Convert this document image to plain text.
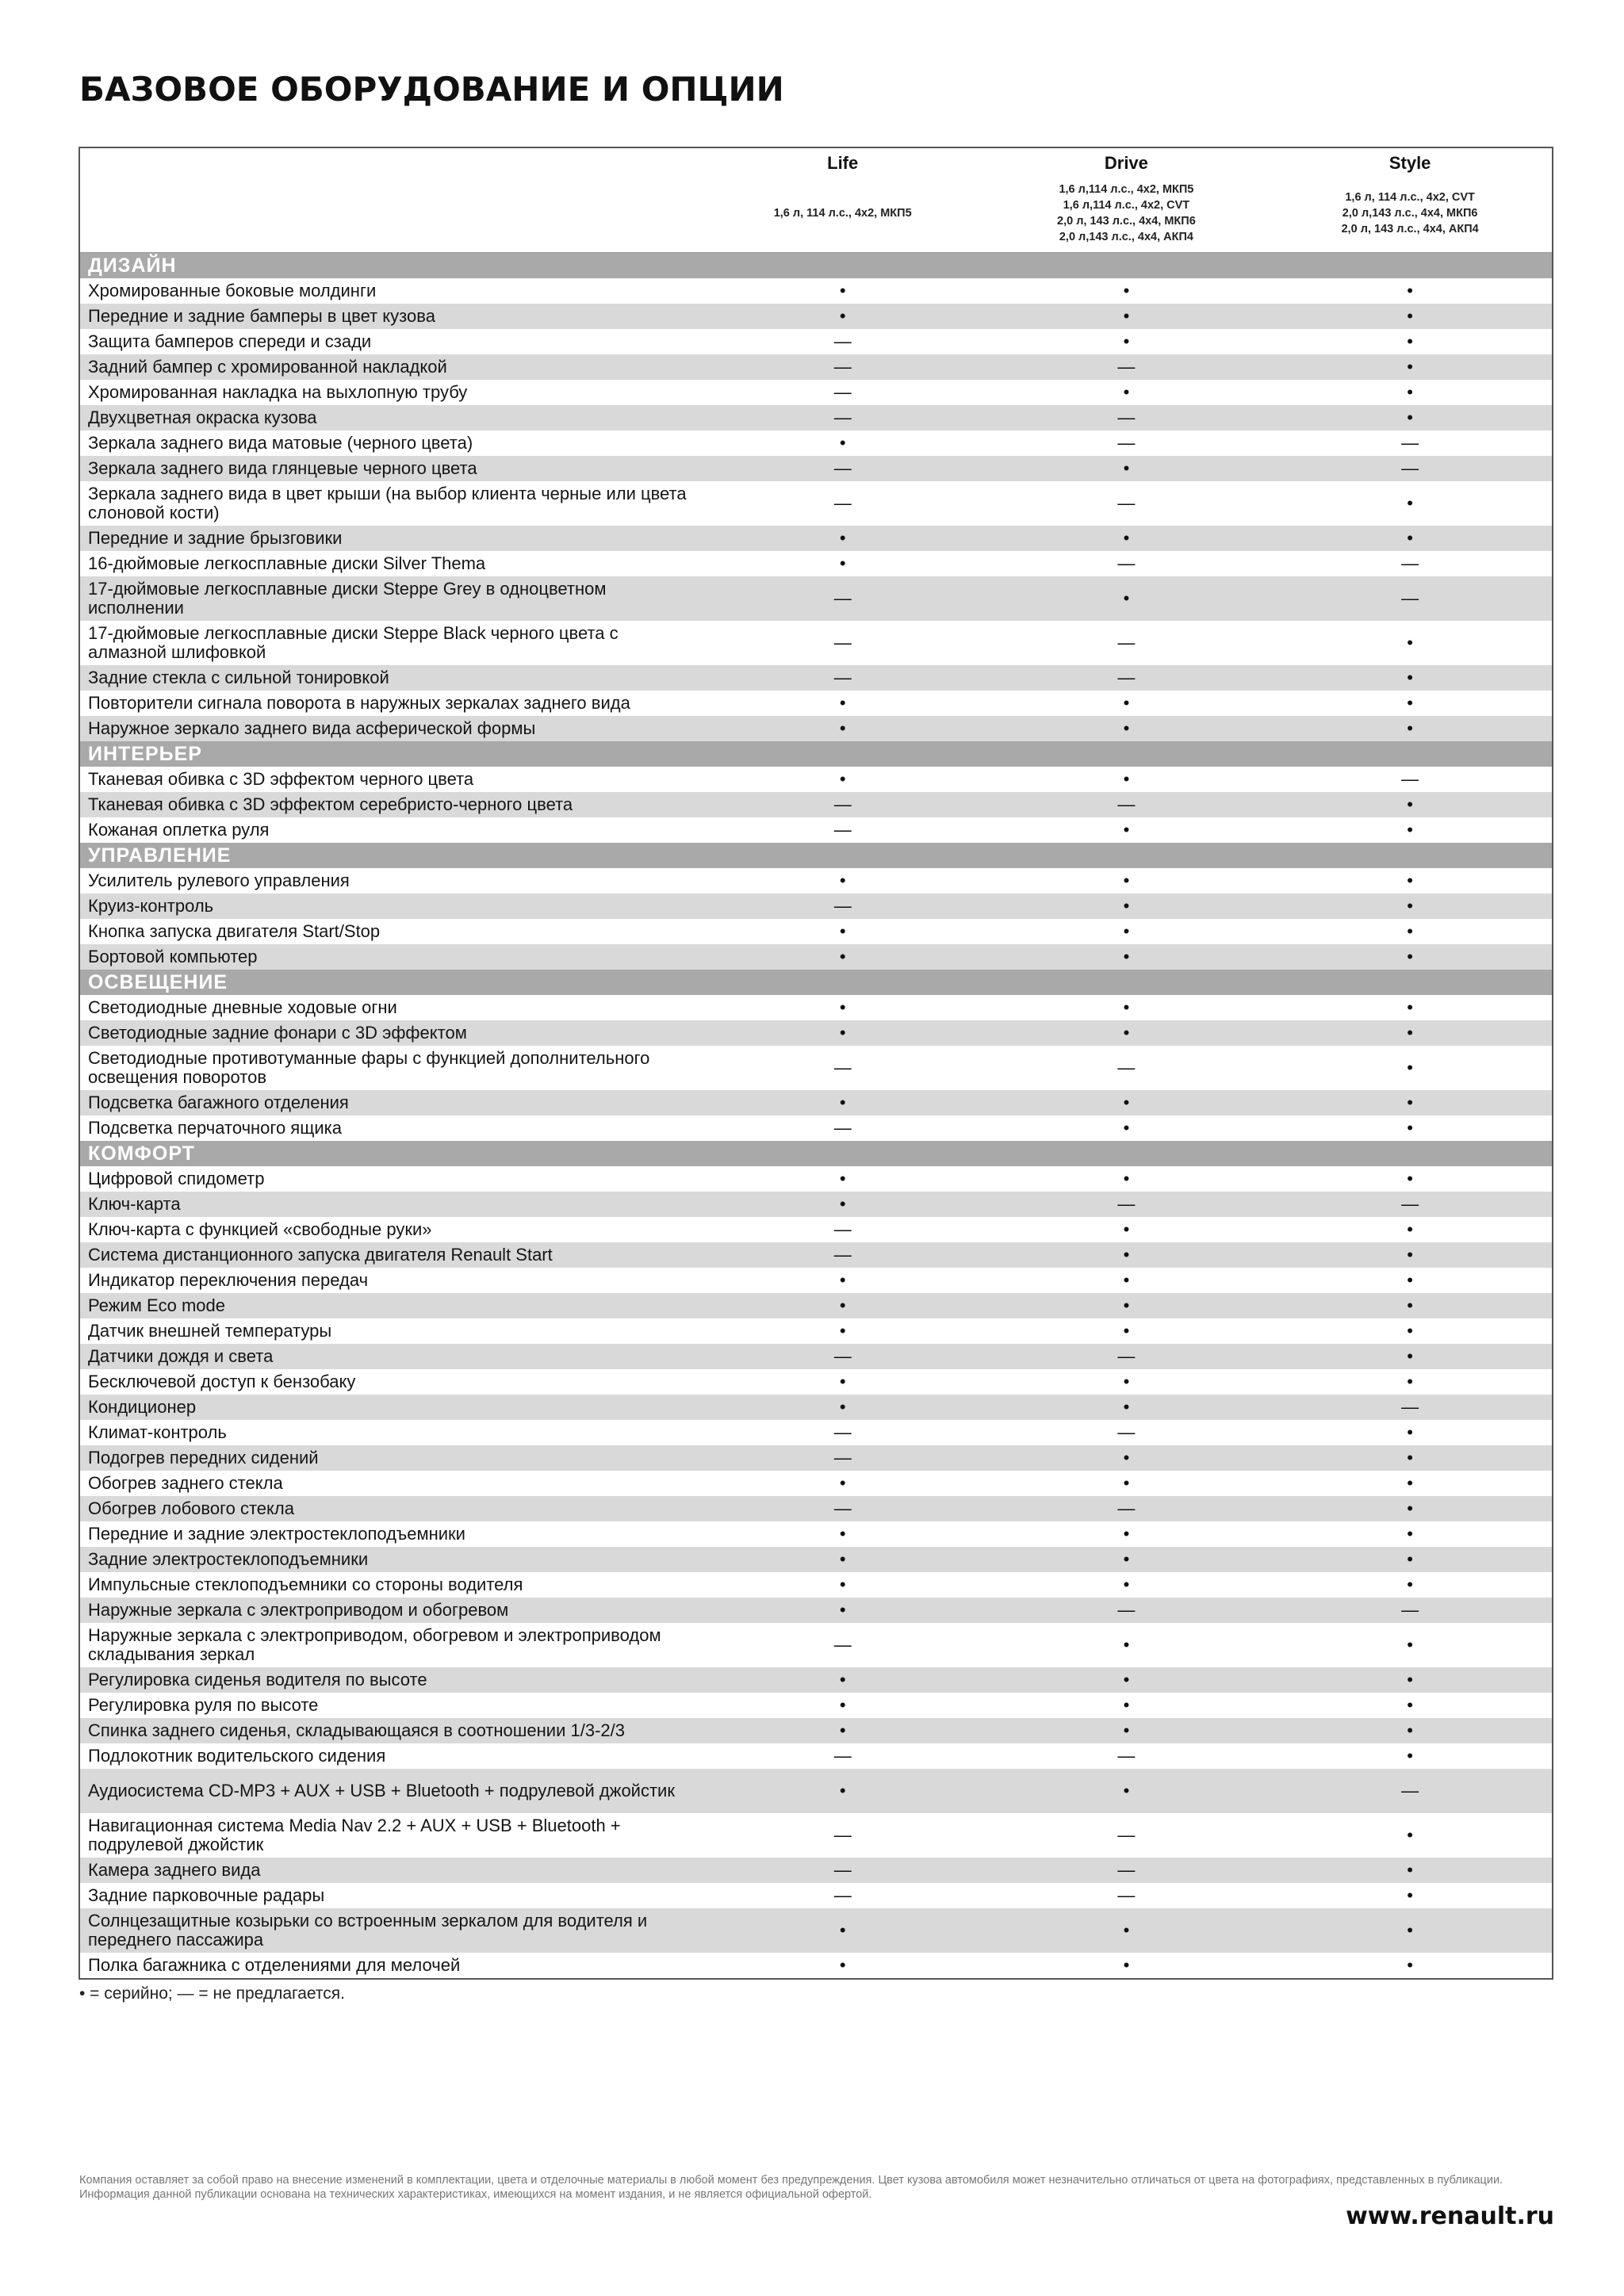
БАЗОВОЕ ОБОРУДОВАНИЕ И ОПЦИИ
Life
1,6 л, 114 л.с., 4x2, МКП5
Drive
1,6 л,114 л.с., 4x2, МКП5
1,6 л,114 л.с., 4x2, CVT
2,0 л, 143 л.с., 4x4, МКП6
2,0 л,143 л.с., 4x4, АКП4
Style
1,6 л, 114 л.с., 4x2, CVT
2,0 л,143 л.с., 4x4, МКП6
2,0 л, 143 л.с., 4x4, АКП4
ДИЗАЙН
Хромированные боковые молдинги	•	•	•
Передние и задние бамперы в цвет кузова	•	•	•
Защита бамперов спереди и сзади	—	•	•
Задний бампер с хромированной накладкой	—	—	•
Хромированная накладка на выхлопную трубу	—	•	•
Двухцветная окраска кузова	—	—	•
Зеркала заднего вида матовые (черного цвета)	•	—	—
Зеркала заднего вида глянцевые черного цвета	—	•	—
Зеркала заднего вида в цвет крыши (на выбор клиента черные или цвета слоновой кости)	—	—	•
Передние и задние брызговики	•	•	•
16-дюймовые легкосплавные диски Silver Thema	•	—	—
17-дюймовые легкосплавные диски Steppe Grey в одноцветном исполнении	—	•	—
17-дюймовые легкосплавные диски Steppe Black черного цвета с алмазной шлифовкой	—	—	•
Задние стекла с сильной тонировкой	—	—	•
Повторители сигнала поворота в наружных зеркалах заднего вида	•	•	•
Наружное зеркало заднего вида асферической формы	•	•	•
ИНТЕРЬЕР
Тканевая обивка с 3D эффектом черного цвета	•	•	—
Тканевая обивка с 3D эффектом серебристо-черного цвета	—	—	•
Кожаная оплетка руля	—	•	•
УПРАВЛЕНИЕ
Усилитель рулевого управления	•	•	•
Круиз-контроль	—	•	•
Кнопка запуска двигателя Start/Stop	•	•	•
Бортовой компьютер	•	•	•
ОСВЕЩЕНИЕ
Светодиодные дневные ходовые огни	•	•	•
Светодиодные задние фонари с 3D эффектом	•	•	•
Светодиодные противотуманные фары с функцией дополнительного освещения поворотов	—	—	•
Подсветка багажного отделения	•	•	•
Подсветка перчаточного ящика	—	•	•
КОМФОРТ
Цифровой спидометр	•	•	•
Ключ-карта	•	—	—
Ключ-карта с функцией «свободные руки»	—	•	•
Система дистанционного запуска двигателя Renault Start	—	•	•
Индикатор переключения передач	•	•	•
Режим Eco mode	•	•	•
Датчик внешней температуры	•	•	•
Датчики дождя и света	—	—	•
Бесключевой доступ к бензобаку	•	•	•
Кондиционер	•	•	—
Климат-контроль	—	—	•
Подогрев передних сидений	—	•	•
Обогрев заднего стекла	•	•	•
Обогрев лобового стекла	—	—	•
Передние и задние электростеклоподъемники	•	•	•
Задние электростеклоподъемники	•	•	•
Импульсные стеклоподъемники со стороны водителя	•	•	•
Наружные зеркала с электроприводом и обогревом	•	—	—
Наружные зеркала с электроприводом, обогревом и электроприводом складывания зеркал	—	•	•
Регулировка сиденья водителя по высоте	•	•	•
Регулировка руля по высоте	•	•	•
Спинка заднего сиденья, складывающаяся в соотношении 1/3-2/3	•	•	•
Подлокотник водительского сидения	—	—	•
Аудиосистема CD-MP3 + AUX + USB + Bluetooth + подрулевой джойстик	•	•	—
Навигационная система Media Nav 2.2 + AUX + USB + Bluetooth + подрулевой джойстик	—	—	•
Камера заднего вида	—	—	•
Задние парковочные радары	—	—	•
Солнцезащитные козырьки со встроенным зеркалом для водителя и переднего пассажира	•	•	•
Полка багажника с отделениями для мелочей	•	•	•
• = серийно; — = не предлагается.
Компания оставляет за собой право на внесение изменений в комплектации, цвета и отделочные материалы в любой момент без предупреждения. Цвет кузова автомобиля может незначительно отличаться от цвета на фотографиях, представленных в публикации. Информация данной публикации основана на технических характеристиках, имеющихся на момент издания, и не является официальной офертой.
www.renault.ru
